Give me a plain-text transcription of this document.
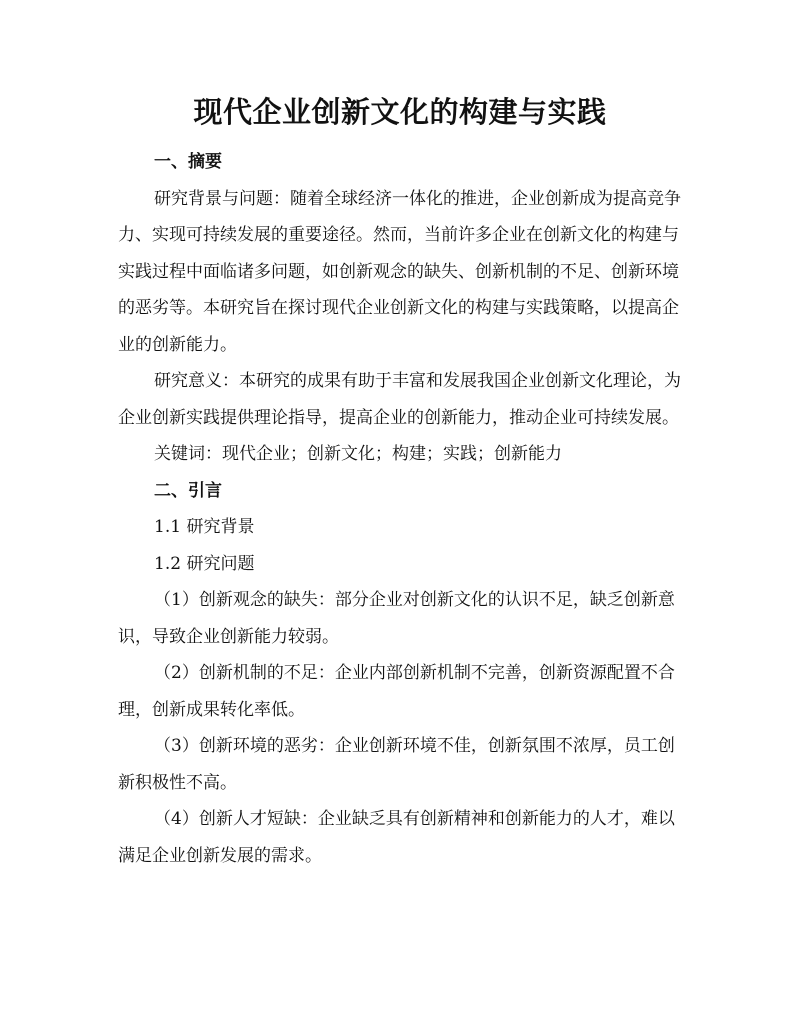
现代企业创新文化的构建与实践

一、摘要

研究背景与问题：随着全球经济一体化的推进，企业创新成为提高竞争力、实现可持续发展的重要途径。然而，当前许多企业在创新文化的构建与实践过程中面临诸多问题，如创新观念的缺失、创新机制的不足、创新环境的恶劣等。本研究旨在探讨现代企业创新文化的构建与实践策略，以提高企业的创新能力。

研究意义：本研究的成果有助于丰富和发展我国企业创新文化理论，为企业创新实践提供理论指导，提高企业的创新能力，推动企业可持续发展。

关键词：现代企业；创新文化；构建；实践；创新能力

二、引言

1.1 研究背景

1.2 研究问题

（1）创新观念的缺失：部分企业对创新文化的认识不足，缺乏创新意识，导致企业创新能力较弱。

（2）创新机制的不足：企业内部创新机制不完善，创新资源配置不合理，创新成果转化率低。

（3）创新环境的恶劣：企业创新环境不佳，创新氛围不浓厚，员工创新积极性不高。

（4）创新人才短缺：企业缺乏具有创新精神和创新能力的人才，难以满足企业创新发展的需求。
